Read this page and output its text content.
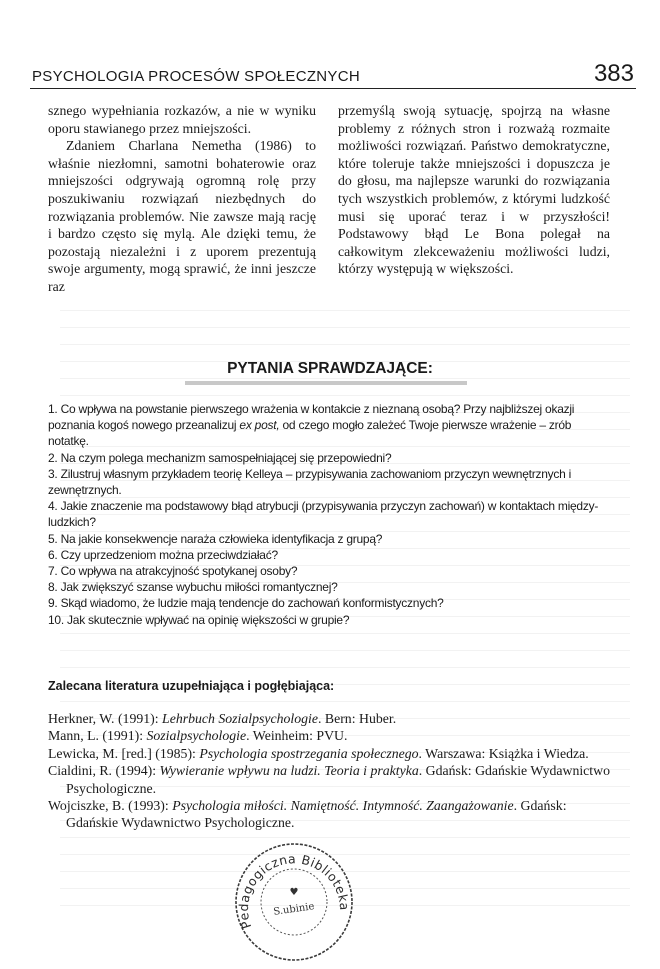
PSYCHOLOGIA PROCESÓW SPOŁECZNYCH	383

sznego wypełniania rozkazów, a nie w wyniku oporu stawianego przez mniejszości.

Zdaniem Charlana Nemetha (1986) to właśnie niezłomni, samotni bohaterowie oraz mniejszości odgrywają ogromną rolę przy poszukiwaniu rozwiązań niezbędnych do rozwiązania problemów. Nie zawsze mają rację i bardzo często się mylą. Ale dzięki temu, że pozostają niezależni i z uporem prezentują swoje argumenty, mogą sprawić, że inni jeszcze raz

przemyślą swoją sytuację, spojrzą na własne problemy z różnych stron i rozważą rozmaite możliwości rozwiązań. Państwo demokratyczne, które toleruje także mniejszości i dopuszcza je do głosu, ma najlepsze warunki do rozwiązania tych wszystkich problemów, z którymi ludzkość musi się uporać teraz i w przyszłości! Podstawowy błąd Le Bona polegał na całkowitym zlekceważeniu możliwości ludzi, którzy występują w większości.

PYTANIA SPRAWDZAJĄCE:

1. Co wpływa na powstanie pierwszego wrażenia w kontakcie z nieznaną osobą? Przy najbliższej okazji poznania kogoś nowego przeanalizuj ex post, od czego mogło zależeć Twoje pierwsze wrażenie – zrób notatkę.

2. Na czym polega mechanizm samospełniającej się przepowiedni?

3. Zilustruj własnym przykładem teorię Kelleya – przypisywania zachowaniom przyczyn wewnętrznych i zewnętrznych.

4. Jakie znaczenie ma podstawowy błąd atrybucji (przypisywania przyczyn zachowań) w kontaktach międzyludzkich?

5. Na jakie konsekwencje naraża człowieka identyfikacja z grupą?

6. Czy uprzedzeniom można przeciwdziałać?

7. Co wpływa na atrakcyjność spotykanej osoby?

8. Jak zwiększyć szanse wybuchu miłości romantycznej?

9. Skąd wiadomo, że ludzie mają tendencje do zachowań konformistycznych?

10. Jak skutecznie wpływać na opinię większości w grupie?

Zalecana literatura uzupełniająca i pogłębiająca:

Herkner, W. (1991): Lehrbuch Sozialpsychologie. Bern: Huber.

Mann, L. (1991): Sozialpsychologie. Weinheim: PVU.

Lewicka, M. [red.] (1985): Psychologia spostrzegania społecznego. Warszawa: Książka i Wiedza.

Cialdini, R. (1994): Wywieranie wpływu na ludzi. Teoria i praktyka. Gdańsk: Gdańskie Wydawnictwo Psychologiczne.

Wojciszke, B. (1993): Psychologia miłości. Namiętność. Intymność. Zaangażowanie. Gdańsk: Gdańskie Wydawnictwo Psychologiczne.

Pedagogiczna Biblioteka
♥
S.ubinie
